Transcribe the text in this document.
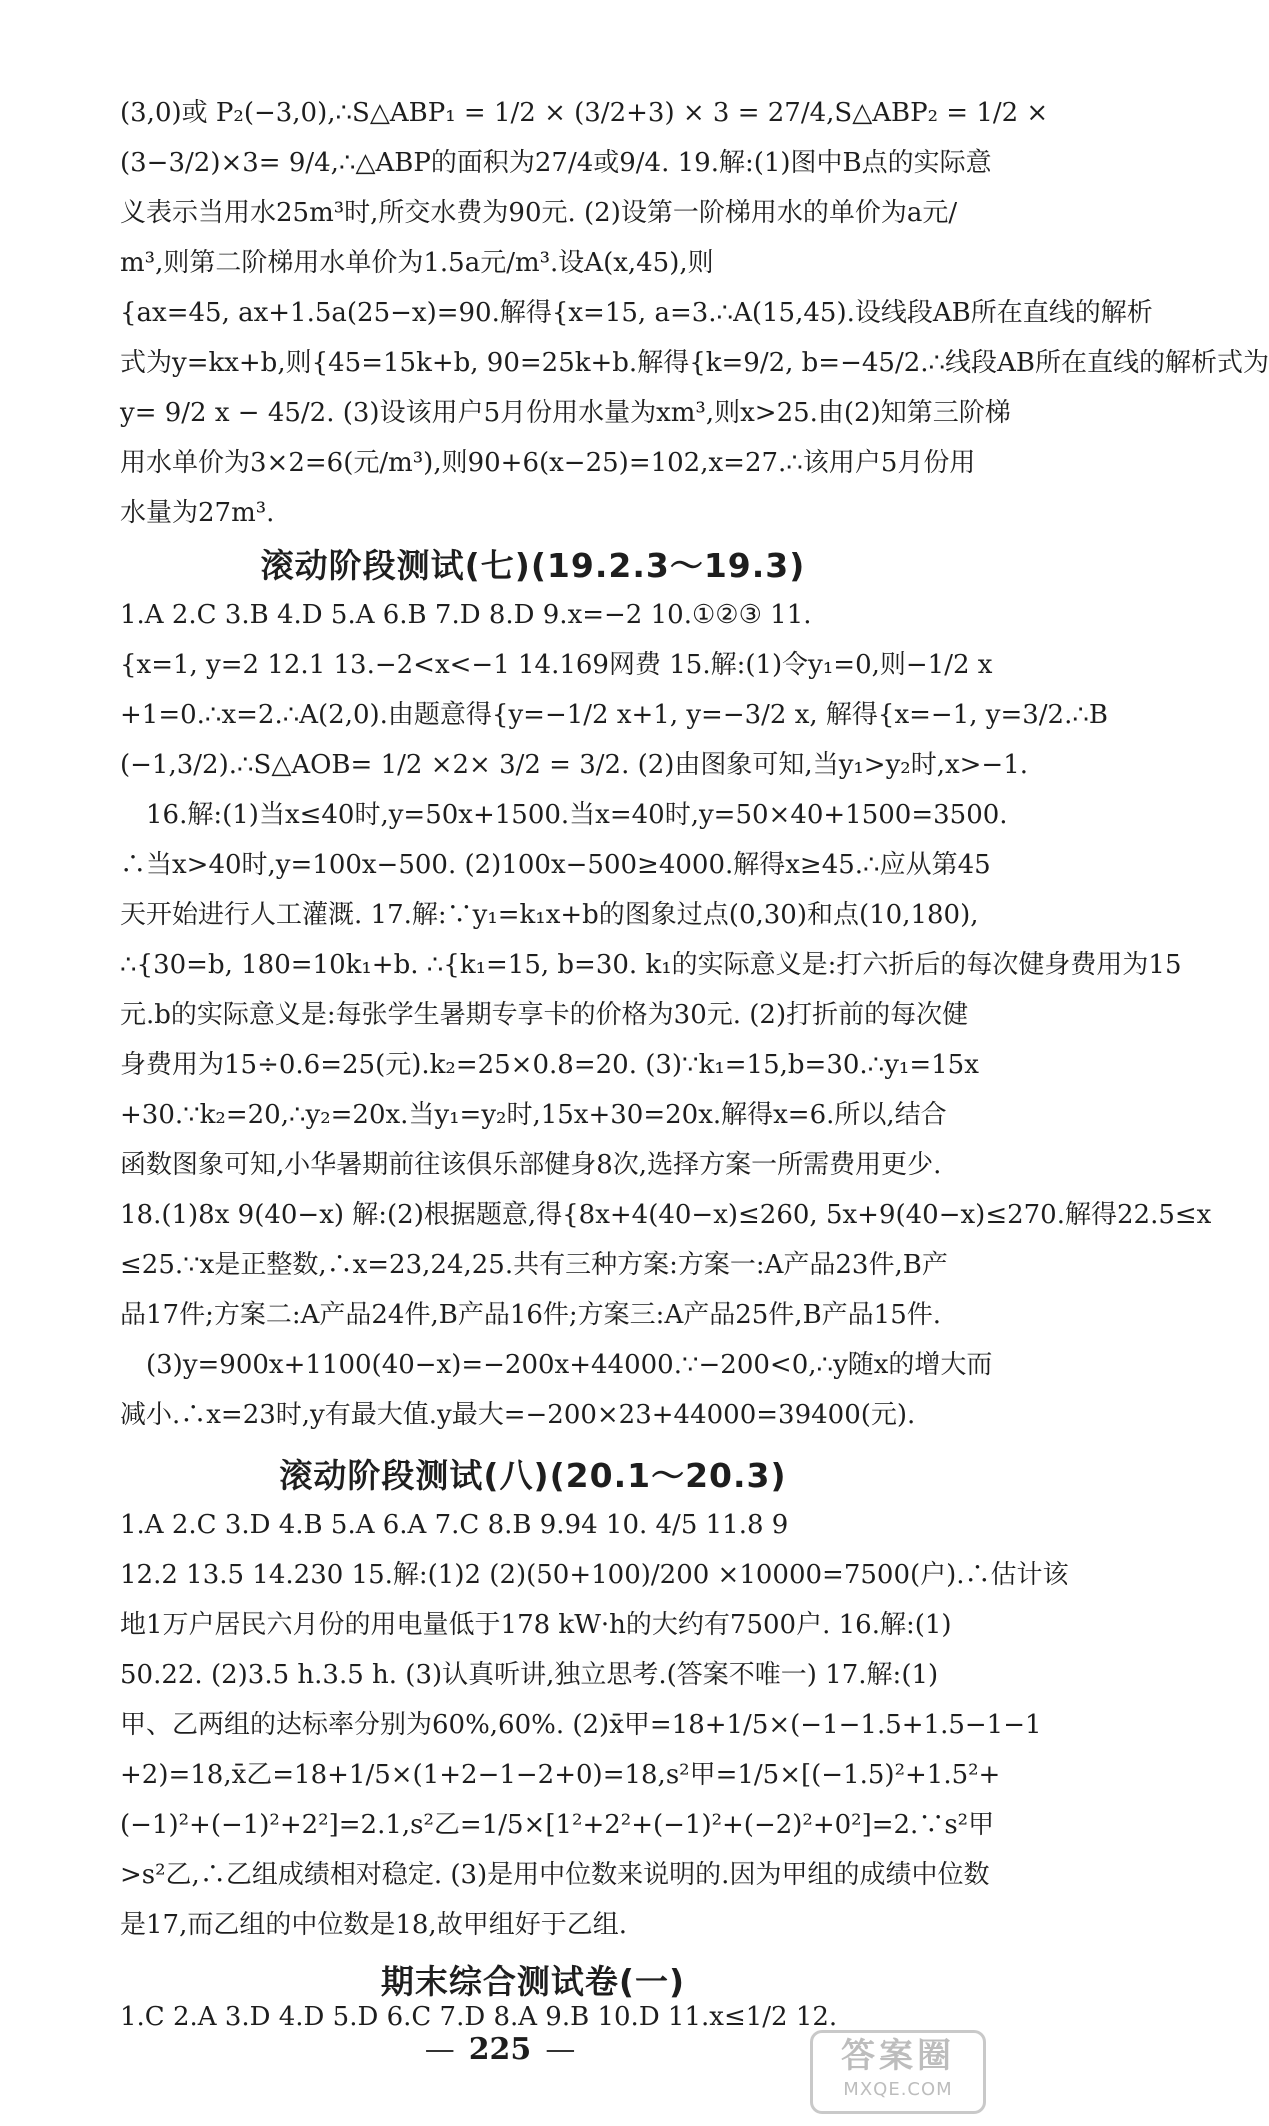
(3,0)或 P₂(−3,0),∴S△ABP₁ = 1/2 × (3/2+3) × 3 = 27/4,S△ABP₂ = 1/2 ×
(3−3/2)×3= 9/4,∴△ABP的面积为27/4或9/4. 19.解:(1)图中B点的实际意
义表示当用水25m³时,所交水费为90元. (2)设第一阶梯用水的单价为a元/
m³,则第二阶梯用水单价为1.5a元/m³.设A(x,45),则
{ax=45, ax+1.5a(25−x)=90.解得{x=15, a=3.∴A(15,45).设线段AB所在直线的解析
式为y=kx+b,则{45=15k+b, 90=25k+b.解得{k=9/2, b=−45/2.∴线段AB所在直线的解析式为
y= 9/2 x − 45/2. (3)设该用户5月份用水量为xm³,则x>25.由(2)知第三阶梯
用水单价为3×2=6(元/m³),则90+6(x−25)=102,x=27.∴该用户5月份用
水量为27m³.
滚动阶段测试(七)(19.2.3～19.3)
1.A 2.C 3.B 4.D 5.A 6.B 7.D 8.D 9.x=−2 10.①②③ 11.
{x=1, y=2 12.1 13.−2<x<−1 14.169网费 15.解:(1)令y₁=0,则−1/2 x
+1=0.∴x=2.∴A(2,0).由题意得{y=−1/2 x+1, y=−3/2 x, 解得{x=−1, y=3/2.∴B
(−1,3/2).∴S△AOB= 1/2 ×2× 3/2 = 3/2. (2)由图象可知,当y₁>y₂时,x>−1.
16.解:(1)当x≤40时,y=50x+1500.当x=40时,y=50×40+1500=3500.
∴当x>40时,y=100x−500. (2)100x−500≥4000.解得x≥45.∴应从第45
天开始进行人工灌溉. 17.解:∵y₁=k₁x+b的图象过点(0,30)和点(10,180),
∴{30=b, 180=10k₁+b. ∴{k₁=15, b=30. k₁的实际意义是:打六折后的每次健身费用为15
元.b的实际意义是:每张学生暑期专享卡的价格为30元. (2)打折前的每次健
身费用为15÷0.6=25(元).k₂=25×0.8=20. (3)∵k₁=15,b=30.∴y₁=15x
+30.∵k₂=20,∴y₂=20x.当y₁=y₂时,15x+30=20x.解得x=6.所以,结合
函数图象可知,小华暑期前往该俱乐部健身8次,选择方案一所需费用更少.
18.(1)8x 9(40−x) 解:(2)根据题意,得{8x+4(40−x)≤260, 5x+9(40−x)≤270.解得22.5≤x
≤25.∵x是正整数,∴x=23,24,25.共有三种方案:方案一:A产品23件,B产
品17件;方案二:A产品24件,B产品16件;方案三:A产品25件,B产品15件.
(3)y=900x+1100(40−x)=−200x+44000.∵−200<0,∴y随x的增大而
减小.∴x=23时,y有最大值.y最大=−200×23+44000=39400(元).
滚动阶段测试(八)(20.1～20.3)
1.A 2.C 3.D 4.B 5.A 6.A 7.C 8.B 9.94 10. 4/5 11.8 9
12.2 13.5 14.230 15.解:(1)2 (2)(50+100)/200 ×10000=7500(户).∴估计该
地1万户居民六月份的用电量低于178 kW·h的大约有7500户. 16.解:(1)
50.22. (2)3.5 h.3.5 h. (3)认真听讲,独立思考.(答案不唯一) 17.解:(1)
甲、乙两组的达标率分别为60%,60%. (2)x̄甲=18+1/5×(−1−1.5+1.5−1−1
+2)=18,x̄乙=18+1/5×(1+2−1−2+0)=18,s²甲=1/5×[(−1.5)²+1.5²+
(−1)²+(−1)²+2²]=2.1,s²乙=1/5×[1²+2²+(−1)²+(−2)²+0²]=2.∵s²甲
>s²乙,∴乙组成绩相对稳定. (3)是用中位数来说明的.因为甲组的成绩中位数
是17,而乙组的中位数是18,故甲组好于乙组.
期末综合测试卷(一)
1.C 2.A 3.D 4.D 5.D 6.C 7.D 8.A 9.B 10.D 11.x≤1/2 12.
— 225 —	答案圈
MXQE.COM
